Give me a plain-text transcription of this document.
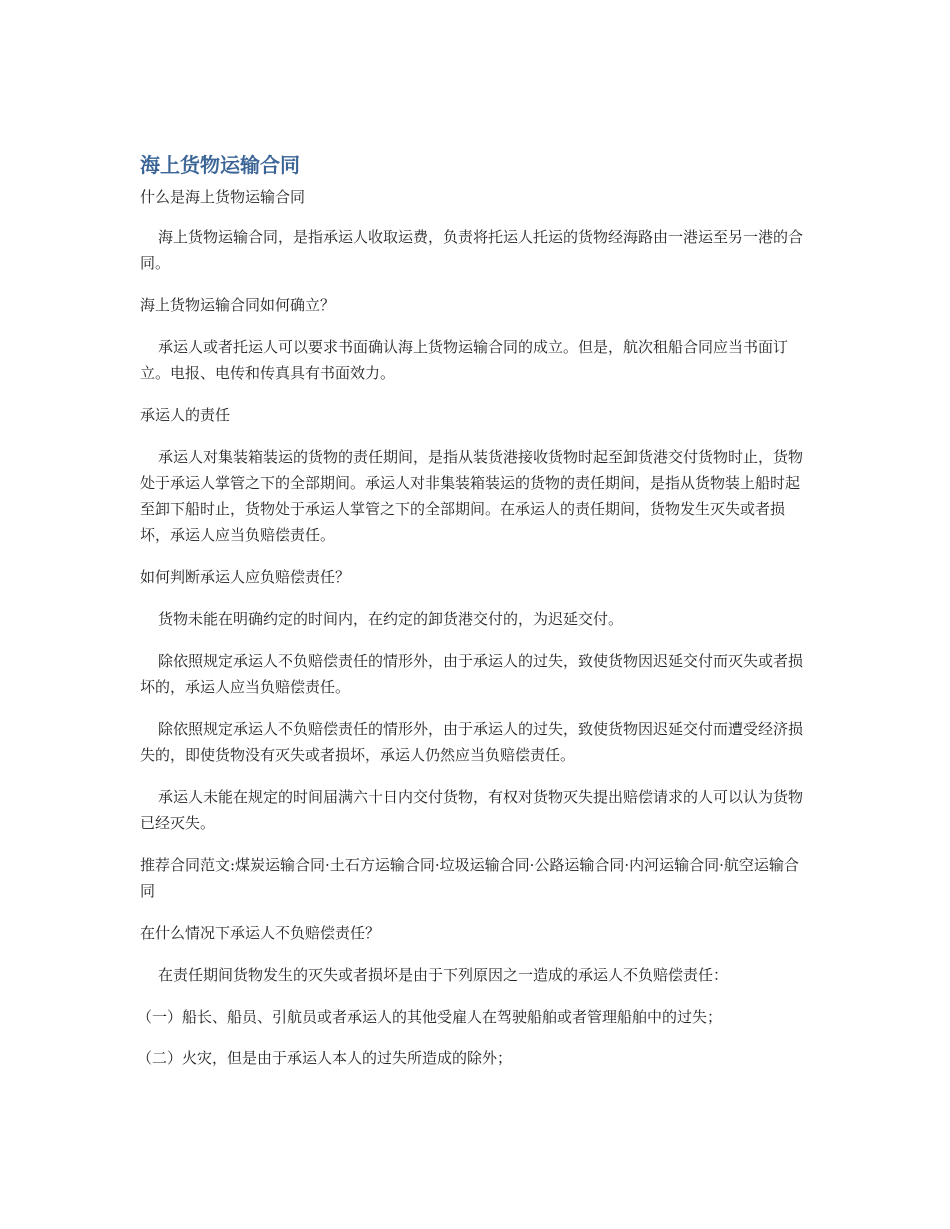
海上货物运输合同

什么是海上货物运输合同

海上货物运输合同，是指承运人收取运费，负责将托运人托运的货物经海路由一港运至另一港的合同。

海上货物运输合同如何确立？

承运人或者托运人可以要求书面确认海上货物运输合同的成立。但是，航次租船合同应当书面订立。电报、电传和传真具有书面效力。

承运人的责任

承运人对集装箱装运的货物的责任期间，是指从装货港接收货物时起至卸货港交付货物时止，货物处于承运人掌管之下的全部期间。承运人对非集装箱装运的货物的责任期间，是指从货物装上船时起至卸下船时止，货物处于承运人掌管之下的全部期间。在承运人的责任期间，货物发生灭失或者损坏，承运人应当负赔偿责任。

如何判断承运人应负赔偿责任？

货物未能在明确约定的时间内，在约定的卸货港交付的，为迟延交付。

除依照规定承运人不负赔偿责任的情形外，由于承运人的过失，致使货物因迟延交付而灭失或者损坏的，承运人应当负赔偿责任。

除依照规定承运人不负赔偿责任的情形外，由于承运人的过失，致使货物因迟延交付而遭受经济损失的，即使货物没有灭失或者损坏，承运人仍然应当负赔偿责任。

承运人未能在规定的时间届满六十日内交付货物，有权对货物灭失提出赔偿请求的人可以认为货物已经灭失。

推荐合同范文:煤炭运输合同·土石方运输合同·垃圾运输合同·公路运输合同·内河运输合同·航空运输合同

在什么情况下承运人不负赔偿责任？

在责任期间货物发生的灭失或者损坏是由于下列原因之一造成的承运人不负赔偿责任：

（一）船长、船员、引航员或者承运人的其他受雇人在驾驶船舶或者管理船舶中的过失；

（二）火灾，但是由于承运人本人的过失所造成的除外；
